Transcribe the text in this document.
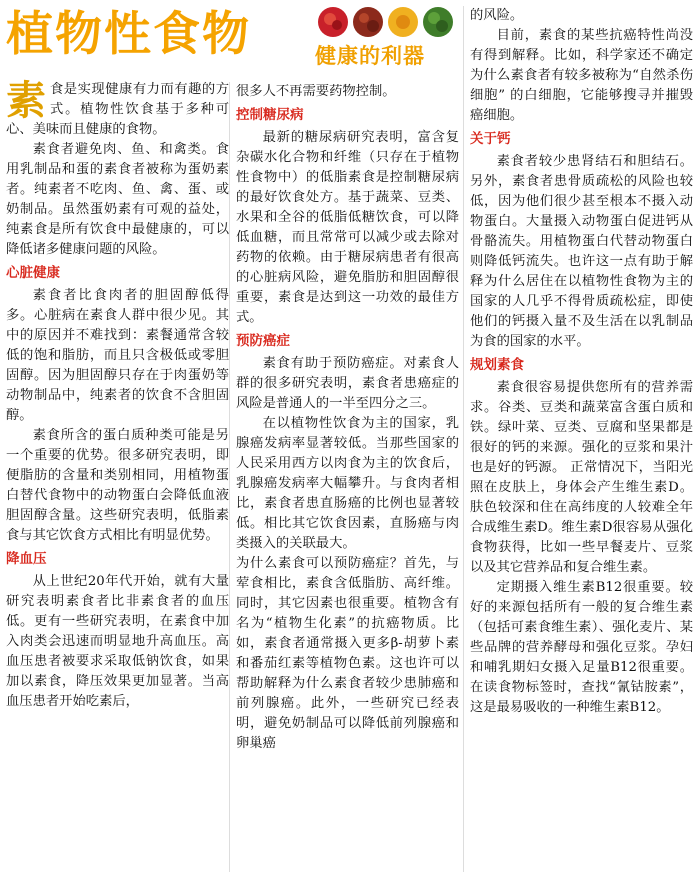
植物性食物	健康的利器

素食是实现健康有力而有趣的方式。植物性饮食基于多种可心、美味而且健康的食物。

素食者避免肉、鱼、和禽类。食用乳制品和蛋的素食者被称为蛋奶素者。纯素者不吃肉、鱼、禽、蛋、或奶制品。虽然蛋奶素有可观的益处，纯素食是所有饮食中最健康的，可以降低诸多健康问题的风险。

心脏健康

素食者比食肉者的胆固醇低得多。心脏病在素食人群中很少见。其中的原因并不难找到：素餐通常含较低的饱和脂肪，而且只含极低或零胆固醇。因为胆固醇只存在于肉蛋奶等动物制品中，纯素者的饮食不含胆固醇。

素食所含的蛋白质种类可能是另一个重要的优势。很多研究表明，即便脂肪的含量和类别相同，用植物蛋白替代食物中的动物蛋白会降低血液胆固醇含量。这些研究表明，低脂素食与其它饮食方式相比有明显优势。

降血压

从上世纪20年代开始，就有大量研究表明素食者比非素食者的血压低。更有一些研究表明，在素食中加入肉类会迅速而明显地升高血压。高血压患者被要求采取低钠饮食，如果加以素食，降压效果更加显著。当高血压患者开始吃素后，

很多人不再需要药物控制。

控制糖尿病

最新的糖尿病研究表明，富含复杂碳水化合物和纤维（只存在于植物性食物中）的低脂素食是控制糖尿病的最好饮食处方。基于蔬菜、豆类、水果和全谷的低脂低糖饮食，可以降低血糖，而且常常可以减少或去除对药物的依赖。由于糖尿病患者有很高的心脏病风险，避免脂肪和胆固醇很重要，素食是达到这一功效的最佳方式。

预防癌症

素食有助于预防癌症。对素食人群的很多研究表明，素食者患癌症的风险是普通人的一半至四分之三。

在以植物性饮食为主的国家，乳腺癌发病率显著较低。当那些国家的人民采用西方以肉食为主的饮食后，乳腺癌发病率大幅攀升。与食肉者相比，素食者患直肠癌的比例也显著较低。相比其它饮食因素，直肠癌与肉类摄入的关联最大。

为什么素食可以预防癌症？首先，与荤食相比，素食含低脂肪、高纤维。同时，其它因素也很重要。植物含有名为“植物生化素”的抗癌物质。比如，素食者通常摄入更多β-胡萝卜素和番茄红素等植物色素。这也许可以帮助解释为什么素食者较少患肺癌和前列腺癌。此外，一些研究已经表明，避免奶制品可以降低前列腺癌和卵巢癌

的风险。

目前，素食的某些抗癌特性尚没有得到解释。比如，科学家还不确定为什么素食者有较多被称为“自然杀伤细胞” 的白细胞，它能够搜寻并摧毁癌细胞。

关于钙

素食者较少患肾结石和胆结石。另外，素食者患骨质疏松的风险也较低，因为他们很少甚至根本不摄入动物蛋白。大量摄入动物蛋白促进钙从骨骼流失。用植物蛋白代替动物蛋白则降低钙流失。也许这一点有助于解释为什么居住在以植物性食物为主的国家的人几乎不得骨质疏松症，即使他们的钙摄入量不及生活在以乳制品为食的国家的水平。

规划素食

素食很容易提供您所有的营养需求。谷类、豆类和蔬菜富含蛋白质和铁。绿叶菜、豆类、豆腐和坚果都是很好的钙的来源。强化的豆浆和果汁也是好的钙源。 正常情况下，当阳光照在皮肤上，身体会产生维生素D。肤色较深和住在高纬度的人较难全年合成维生素D。维生素D很容易从强化食物获得，比如一些早餐麦片、豆浆以及其它营养品和复合维生素。

定期摄入维生素B12很重要。较好的来源包括所有一般的复合维生素（包括可素食维生素）、强化麦片、某些品牌的营养酵母和强化豆浆。孕妇和哺乳期妇女摄入足量B12很重要。在读食物标签时，查找“氰钴胺素”，这是最易吸收的一种维生素B12。
